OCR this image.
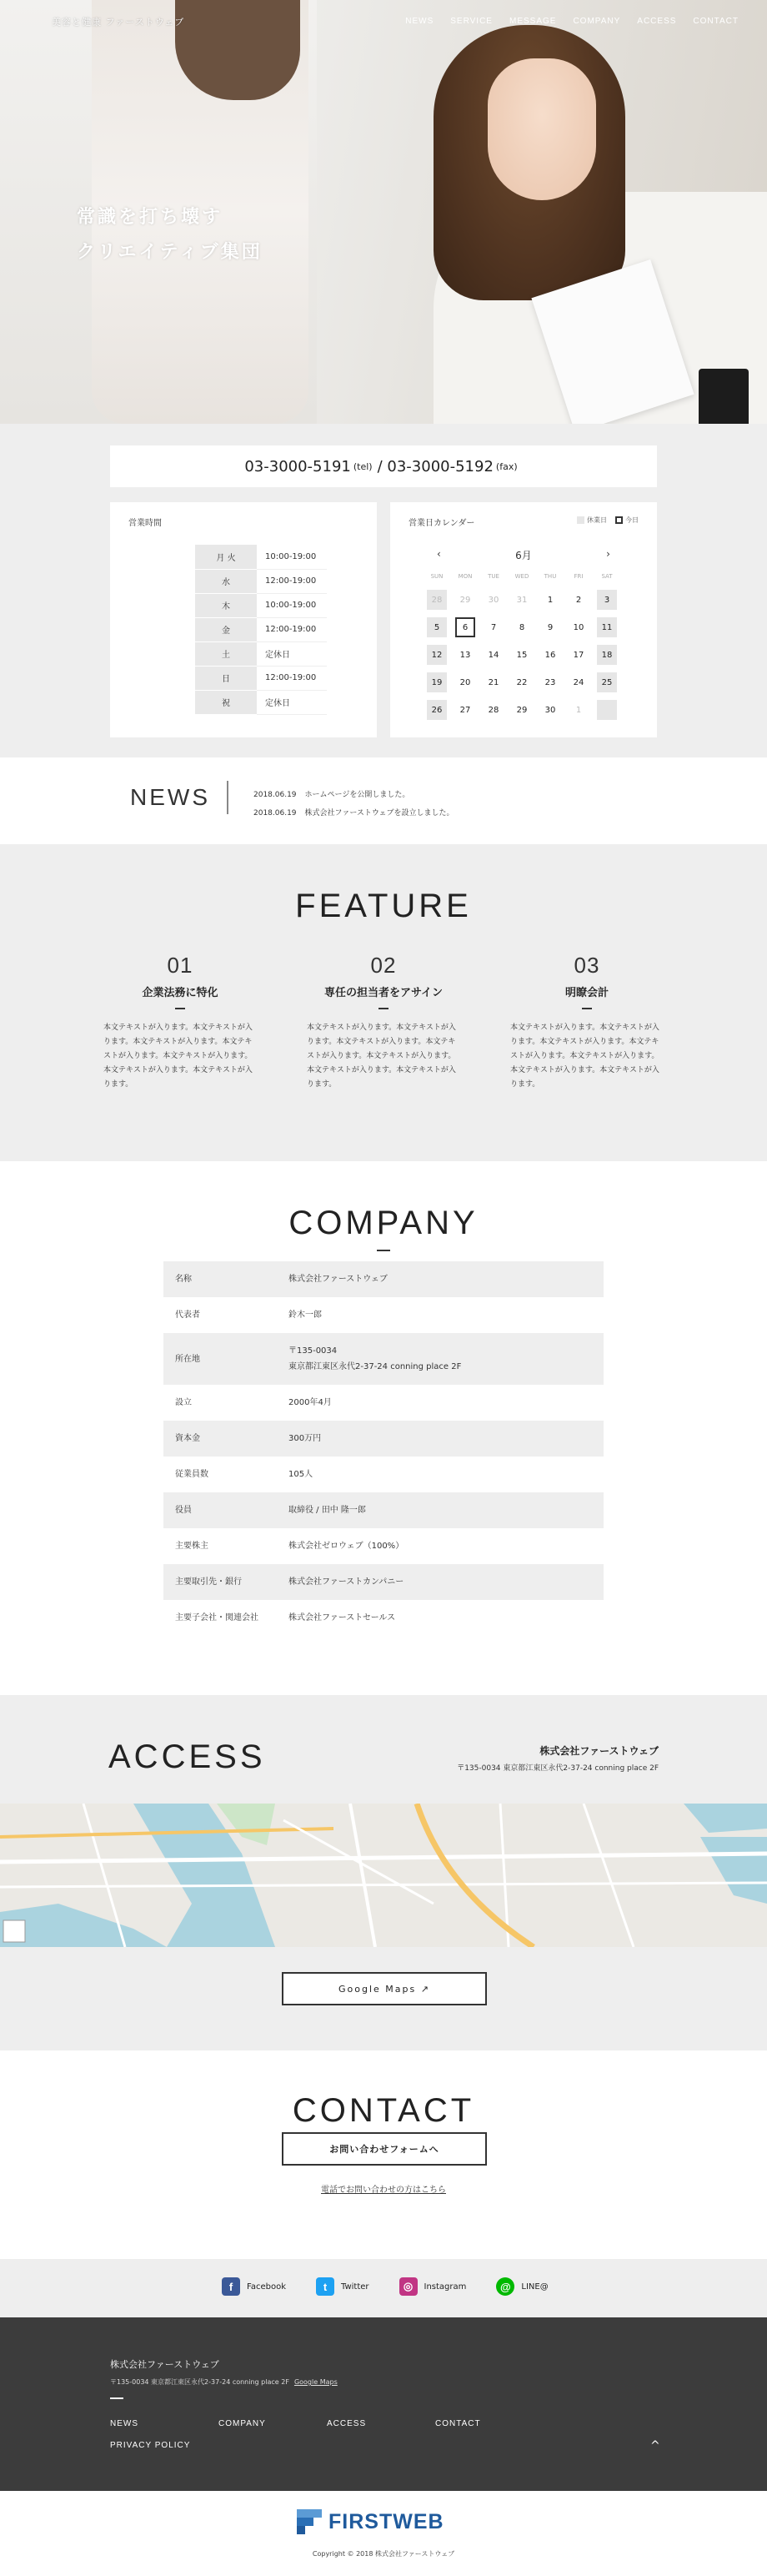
美容と健康 ファーストウェブ	NEWS SERVICE MESSAGE COMPANY ACCESS CONTACT
常識を打ち壊す
クリエイティブ集団
03-3000-5191 (tel) /
03-3000-5192 (fax)
営業時間
月 火	10:00-19:00
水	12:00-19:00
木	10:00-19:00
金	12:00-19:00
土	定休日
日	12:00-19:00
祝	定休日
営業日カレンダー	休業日	今日
‹	6月	›
SUN	MON	TUE	WED	THU	FRI	SAT
28	29	30	31	1	2	3
5	6	7	8	9	10	11
12	13	14	15	16	17	18
19	20	21	22	23	24	25
26	27	28	29	30	1
NEWS	2018.06.19 ホームページを公開しました。
2018.06.19 株式会社ファーストウェブを設立しました。
FEATURE
01
企業法務に特化
本文テキストが入ります。本文テキストが入ります。本文テキストが入ります。本文テキストが入ります。本文テキストが入ります。本文テキストが入ります。本文テキストが入ります。
02
専任の担当者をアサイン
本文テキストが入ります。本文テキストが入ります。本文テキストが入ります。本文テキストが入ります。本文テキストが入ります。本文テキストが入ります。本文テキストが入ります。
03
明瞭会計
本文テキストが入ります。本文テキストが入ります。本文テキストが入ります。本文テキストが入ります。本文テキストが入ります。本文テキストが入ります。本文テキストが入ります。
COMPANY
名称	株式会社ファーストウェブ
代表者	鈴木一郎
所在地	〒135-0034
東京都江東区永代2-37-24 conning place 2F

設立	2000年4月
資本金	300万円
従業員数	105人
役員	取締役 / 田中 隆一郎
主要株主	株式会社ゼロウェブ（100%）
主要取引先・銀行	株式会社ファーストカンパニー
主要子会社・関連会社	株式会社ファーストセールス
ACCESS	株式会社ファーストウェブ
〒135-0034 東京都江東区永代2-37-24 conning place 2F
Google Maps ↗
CONTACT
お問い合わせフォームへ
電話でお問い合わせの方はこちら
f	Facebook	t	Twitter	◎	Instagram	@	LINE@
株式会社ファーストウェブ
〒135-0034 東京都江東区永代2-37-24 conning place 2F Google Maps
NEWS	COMPANY	ACCESS	CONTACT
PRIVACY POLICY	^
FIRSTWEB
Copyright © 2018 株式会社ファーストウェブ
